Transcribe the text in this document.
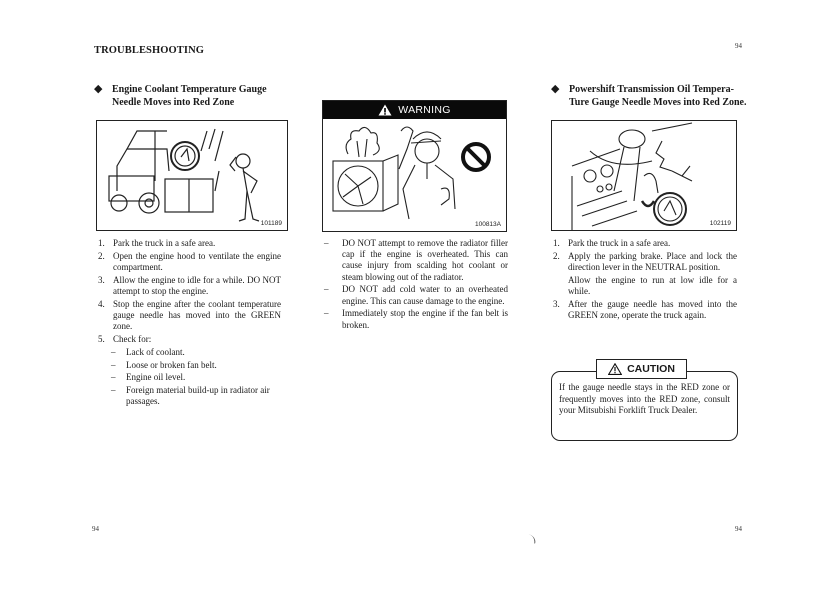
TROUBLESHOOTING	94
◆ Engine Coolant Temperature Gauge
Needle Moves into Red Zone
101189
1. Park the truck in a safe area.
2. Open the engine hood to ventilate the engine compartment.
3. Allow the engine to idle for a while. DO NOT attempt to stop the engine.
4. Stop the engine after the coolant temperature gauge needle has moved into the GREEN zone.
5. Check for:
– Lack of coolant.
– Loose or broken fan belt.
– Engine oil level.
– Foreign material build-up in radiator air passages.
WARNING
100813A
– DO NOT attempt to remove the radiator filler cap if the engine is overheated. This can cause injury from scalding hot coolant or steam blowing out of the radiator.
– DO NOT add cold water to an overheated engine. This can cause damage to the engine.
– Immediately stop the engine if the fan belt is broken.
◆ Powershift Transmission Oil Tempera-
Ture Gauge Needle Moves into Red Zone.
102119
1. Park the truck in a safe area.
2. Apply the parking brake. Place and lock the direction lever in the NEUTRAL position.
Allow the engine to run at low idle for a while.
3. After the gauge needle has moved into the GREEN zone, operate the truck again.
CAUTION
If the gauge needle stays in the RED zone or frequently moves into the RED zone, consult your Mitsubishi Forklift Truck Dealer.
94	94
